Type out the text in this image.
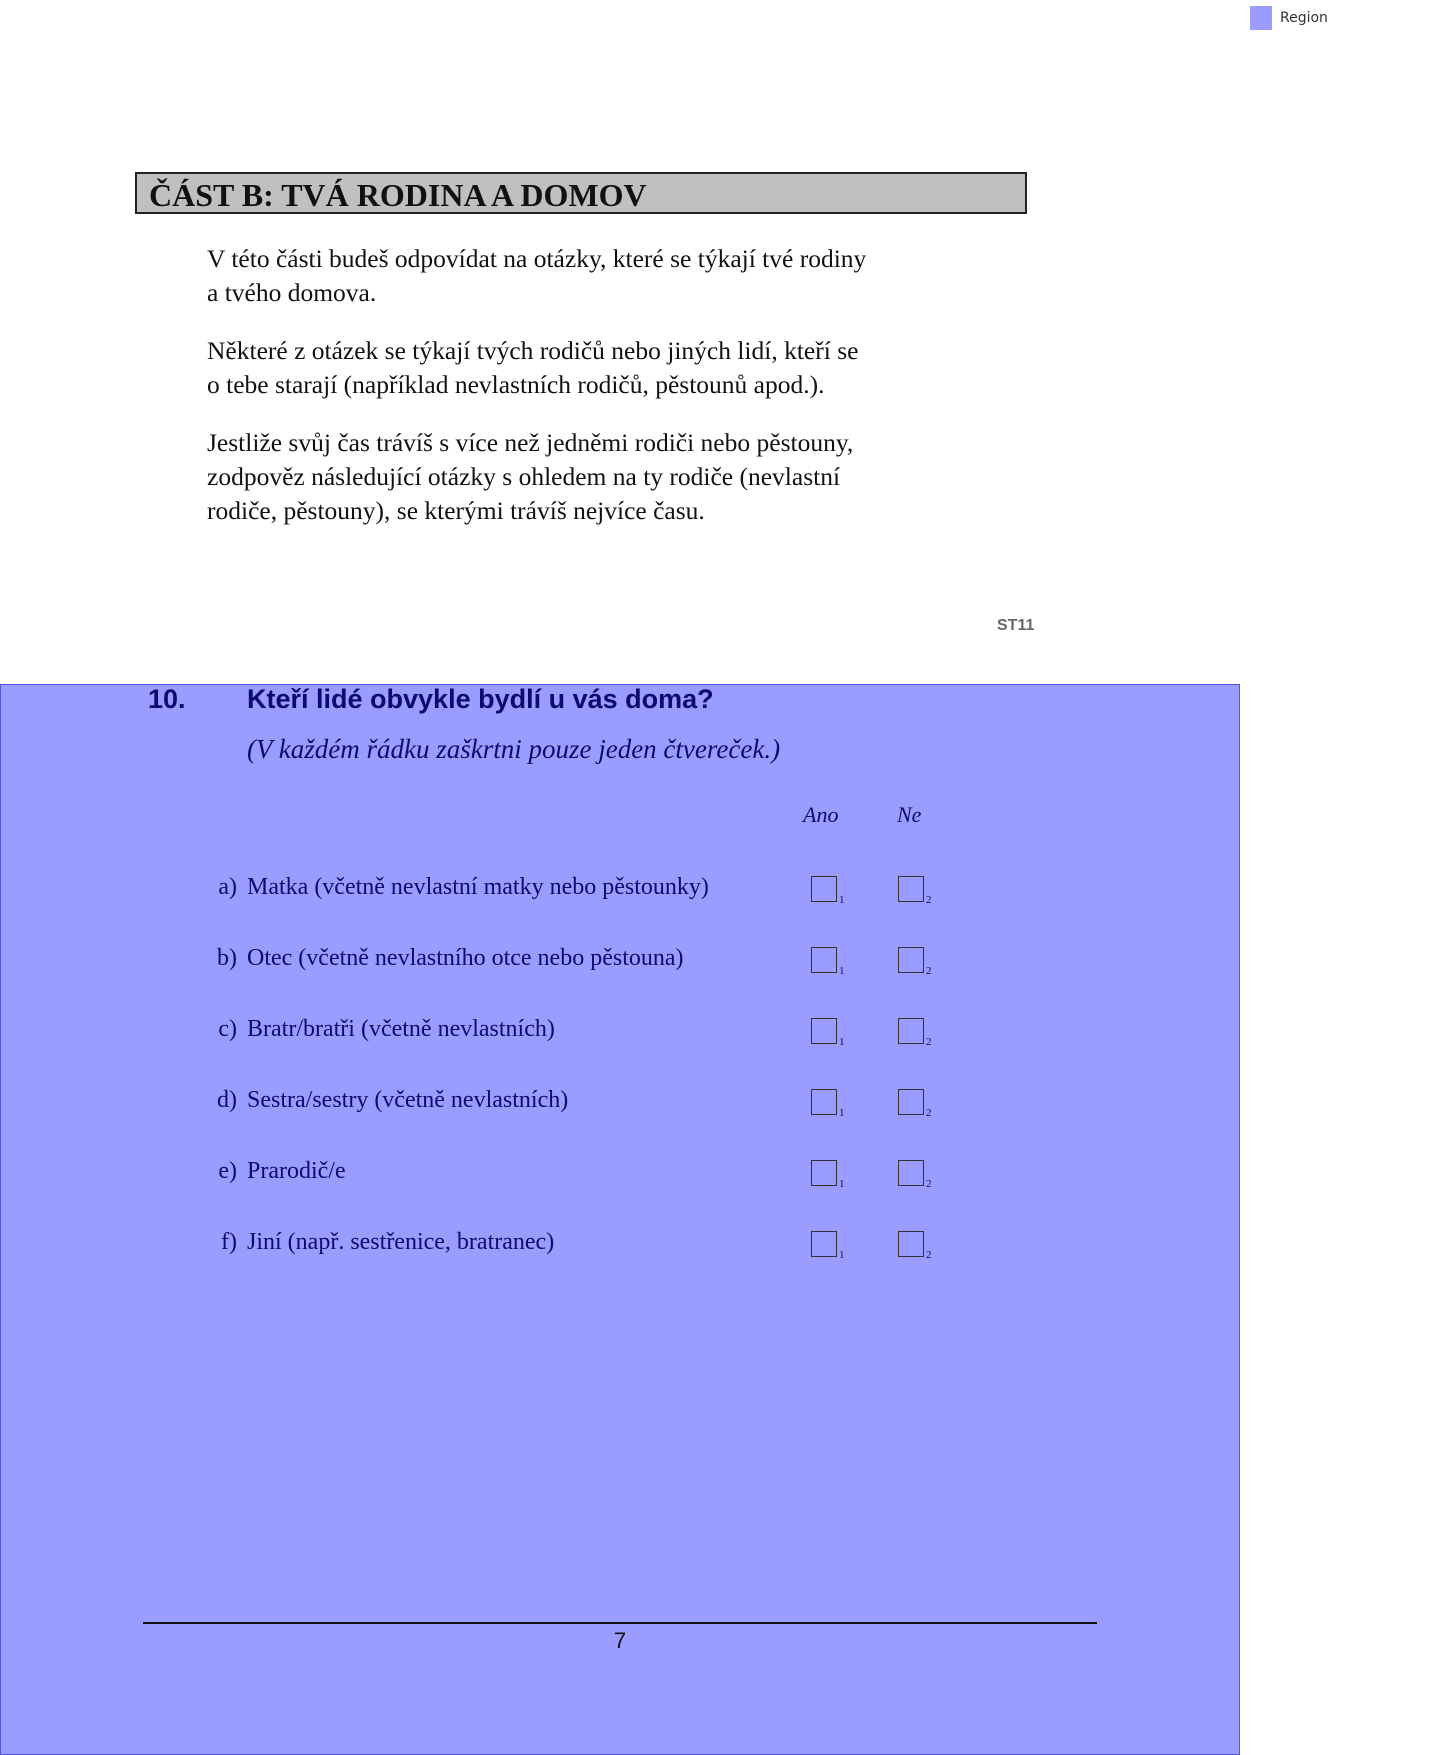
Region
ČÁST B: TVÁ RODINA A DOMOV

V této části budeš odpovídat na otázky, které se týkají tvé rodiny
a tvého domova.

Některé z otázek se týkají tvých rodičů nebo jiných lidí, kteří se
o tebe starají (například nevlastních rodičů, pěstounů apod.).

Jestliže svůj čas trávíš s více než jedněmi rodiči nebo pěstouny,
zodpověz následující otázky s ohledem na ty rodiče (nevlastní
rodiče, pěstouny), se kterými trávíš nejvíce času.

ST11
10. Kteří lidé obvykle bydlí u vás doma?
(V každém řádku zaškrtni pouze jeden čtvereček.)
Ano	Ne
a) Matka (včetně nevlastní matky nebo pěstounky)	1	2
b) Otec (včetně nevlastního otce nebo pěstouna)	1	2
c) Bratr/bratři (včetně nevlastních)	1	2
d) Sestra/sestry (včetně nevlastních)	1	2
e) Prarodič/e	1	2
f) Jiní (např. sestřenice, bratranec)	1	2
7
